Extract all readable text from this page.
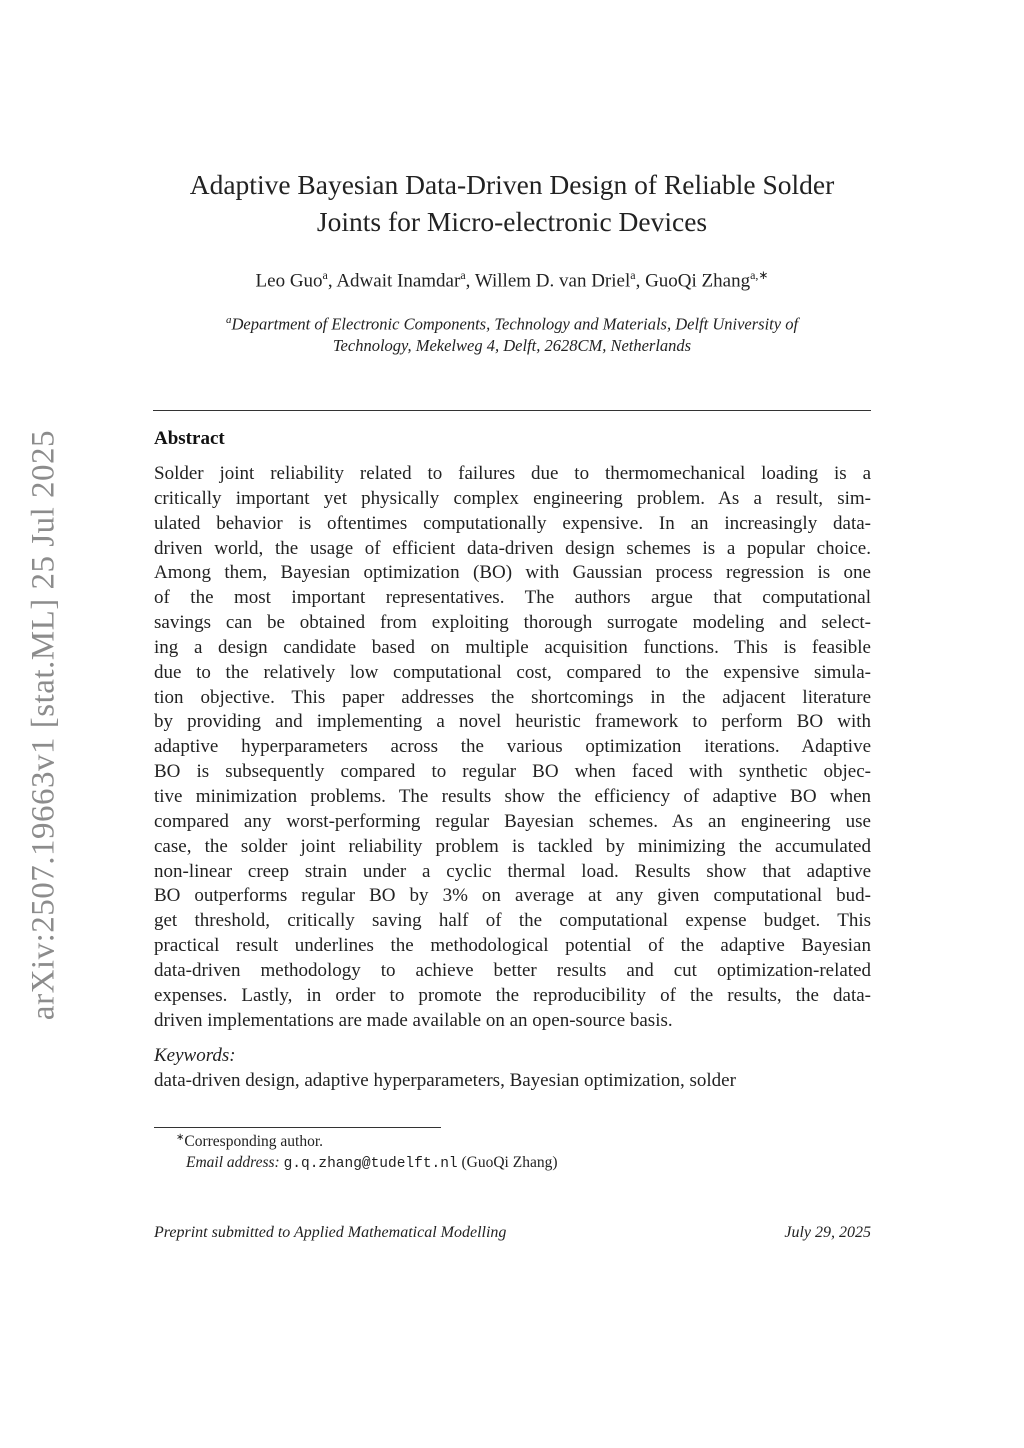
arXiv:2507.19663v1 [stat.ML] 25 Jul 2025
Adaptive Bayesian Data-Driven Design of Reliable Solder
Joints for Micro-electronic Devices
Leo Guo$^a$, Adwait Inamdar$^a$, Willem D. van Driel$^a$, GuoQi Zhang$^{a,∗}$
$^a$Department of Electronic Components, Technology and Materials, Delft University of
Technology, Mekelweg 4, Delft, 2628CM, Netherlands
Abstract

Solder joint reliability related to failures due to thermomechanical loading is a
critically important yet physically complex engineering problem. As a result, sim-
ulated behavior is oftentimes computationally expensive. In an increasingly data-
driven world, the usage of efficient data-driven design schemes is a popular choice.
Among them, Bayesian optimization (BO) with Gaussian process regression is one
of the most important representatives. The authors argue that computational
savings can be obtained from exploiting thorough surrogate modeling and select-
ing a design candidate based on multiple acquisition functions. This is feasible
due to the relatively low computational cost, compared to the expensive simula-
tion objective. This paper addresses the shortcomings in the adjacent literature
by providing and implementing a novel heuristic framework to perform BO with
adaptive hyperparameters across the various optimization iterations. Adaptive
BO is subsequently compared to regular BO when faced with synthetic objec-
tive minimization problems. The results show the efficiency of adaptive BO when
compared any worst-performing regular Bayesian schemes. As an engineering use
case, the solder joint reliability problem is tackled by minimizing the accumulated
non-linear creep strain under a cyclic thermal load. Results show that adaptive
BO outperforms regular BO by 3% on average at any given computational bud-
get threshold, critically saving half of the computational expense budget. This
practical result underlines the methodological potential of the adaptive Bayesian
data-driven methodology to achieve better results and cut optimization-related
expenses. Lastly, in order to promote the reproducibility of the results, the data-
driven implementations are made available on an open-source basis.

Keywords:
data-driven design, adaptive hyperparameters, Bayesian optimization, solder
∗Corresponding author.
Email address: g.q.zhang@tudelft.nl (GuoQi Zhang)
Preprint submitted to Applied Mathematical Modelling	July 29, 2025
